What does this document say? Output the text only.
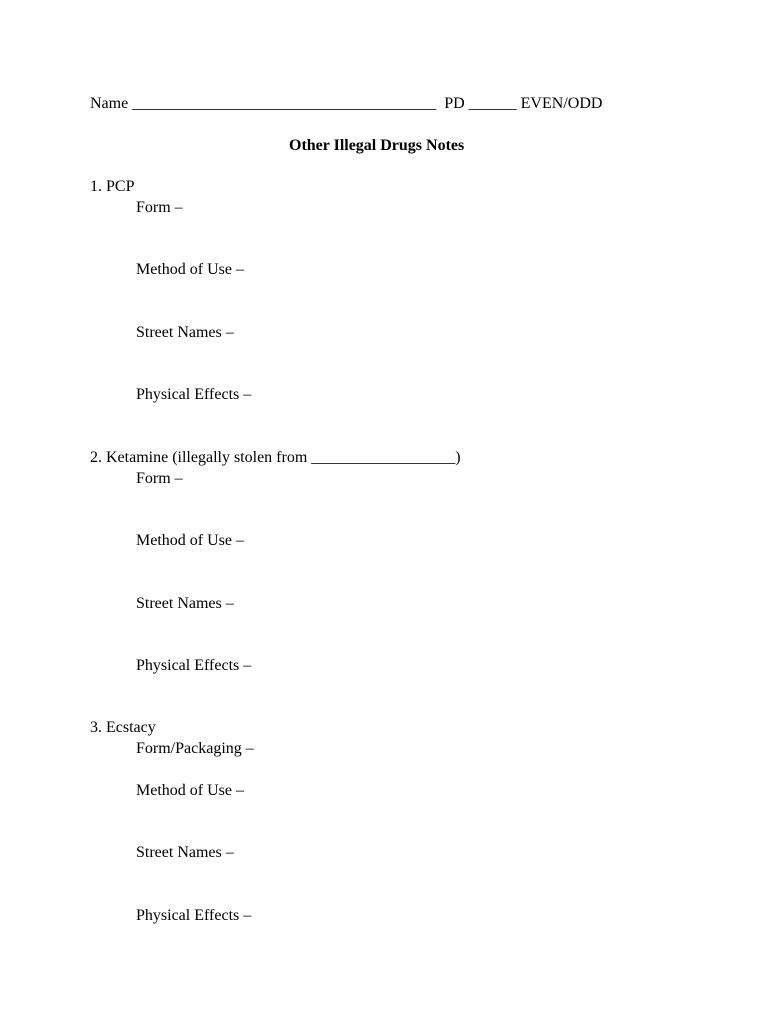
Name ______________________________________  PD ______ EVEN/ODD
Other Illegal Drugs Notes
1. PCP
Form –
Method of Use –
Street Names –
Physical Effects –
2. Ketamine (illegally stolen from __________________)
Form –
Method of Use –
Street Names –
Physical Effects –
3. Ecstacy
Form/Packaging –
Method of Use –
Street Names –
Physical Effects –
